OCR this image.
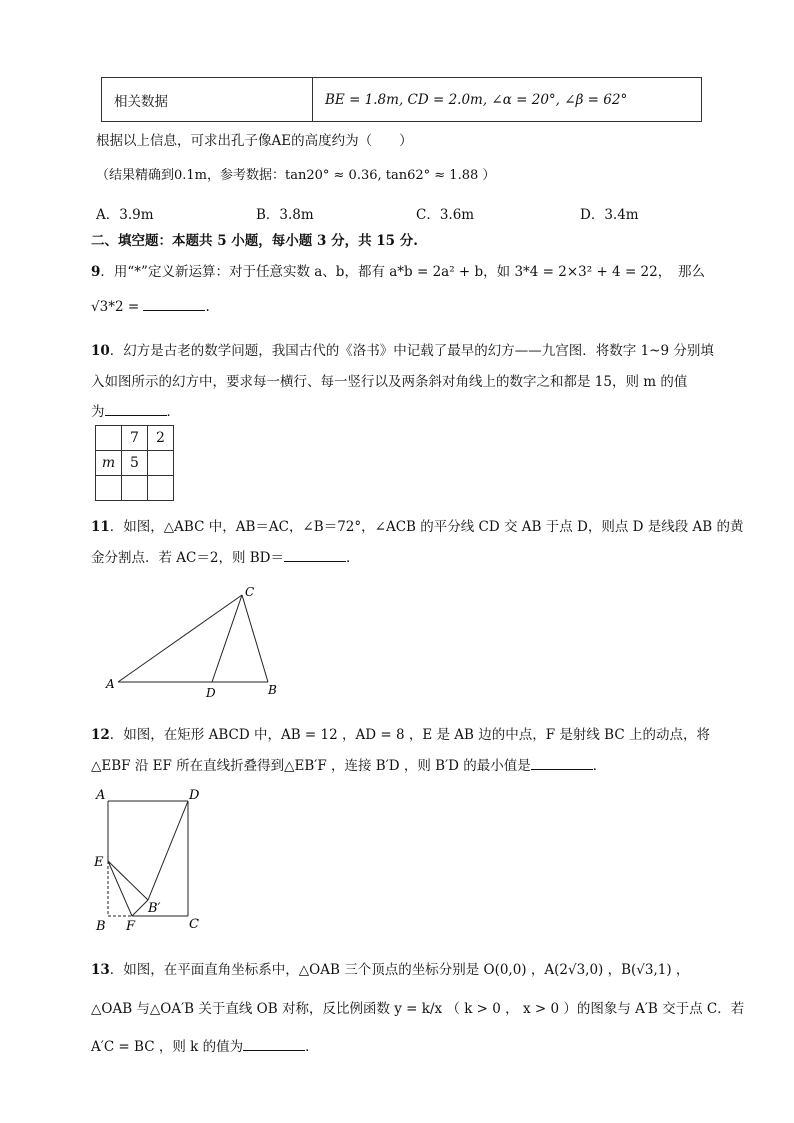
相关数据	BE = 1.8m, CD = 2.0m, ∠α = 20°, ∠β = 62°
根据以上信息，可求出孔子像AE的高度约为（　　）
（结果精确到0.1m，参考数据：tan20° ≈ 0.36, tan62° ≈ 1.88 ）
A．3.9m	B．3.8m	C．3.6m	D．3.4m
二、填空题：本题共 5 小题，每小题 3 分，共 15 分.
9．用“*”定义新运算：对于任意实数 a、b，都有 a*b = 2a² + b，如 3*4 = 2×3² + 4 = 22，　那么
√3*2 =	.
10．幻方是古老的数学问题，我国古代的《洛书》中记载了最早的幻方——九宫图．将数字 1~9 分别填
入如图所示的幻方中，要求每一横行、每一竖行以及两条斜对角线上的数字之和都是 15，则 m 的值
为	．
	7	2
m	5	

11．如图，△ABC 中，AB＝AC，∠B＝72°，∠ACB 的平分线 CD 交 AB 于点 D，则点 D 是线段 AB 的黄
金分割点．若 AC＝2，则 BD＝	．
A
C
D	B
12．如图，在矩形 ABCD 中，AB = 12 ，AD = 8 ，E 是 AB 边的中点，F 是射线 BC 上的动点，将
△EBF 沿 EF 所在直线折叠得到△EB′F ，连接 B′D ，则 B′D 的最小值是	．
A	D
E
B′
B F	C
13．如图，在平面直角坐标系中，△OAB 三个顶点的坐标分别是 O(0,0) ，A(2√3,0) ，B(√3,1) ，
△OAB 与△OA′B 关于直线 OB 对称，反比例函数 y = k/x （ k > 0 ， x > 0 ）的图象与 A′B 交于点 C．若
A′C = BC ，则 k 的值为	．
